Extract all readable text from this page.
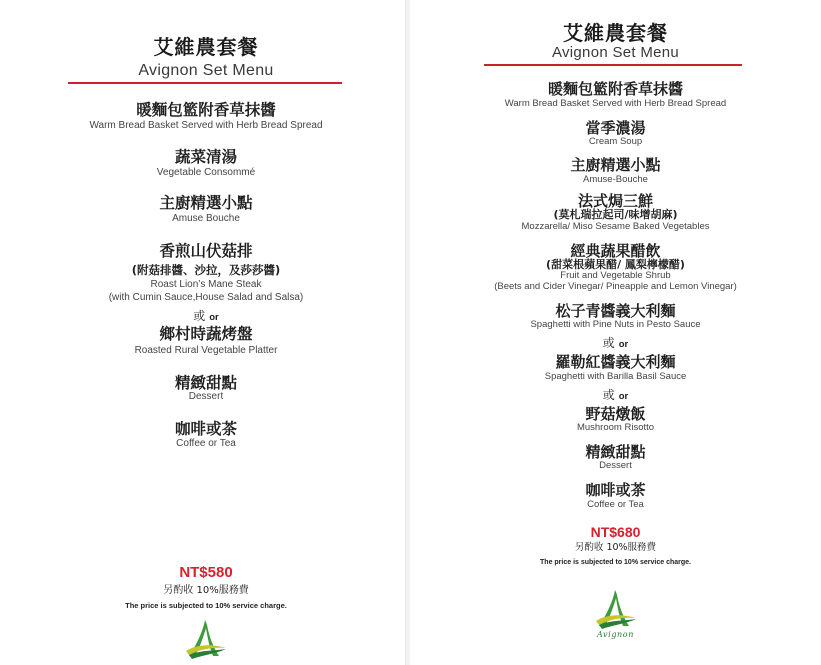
艾維農套餐
Avignon Set Menu
暖麵包籃附香草抹醬
Warm Bread Basket Served with Herb Bread Spread
蔬菜清湯
Vegetable Consommé
主廚精選小點
Amuse Bouche
香煎山伏菇排
(附菇排醬、沙拉，及莎莎醬)
Roast Lion’s Mane Steak
(with Cumin Sauce,House Salad and Salsa)
或 or
鄉村時蔬烤盤
Roasted Rural Vegetable Platter
精緻甜點
Dessert
咖啡或茶
Coffee or Tea
NT$580
另酌收 10%服務費
The price is subjected to 10% service charge.
艾維農套餐
Avignon Set Menu
暖麵包籃附香草抹醬
Warm Bread Basket Served with Herb Bread Spread
當季濃湯
Cream Soup
主廚精選小點
Amuse-Bouche
法式焗三鮮
(莫札瑞拉起司/味增胡麻)
Mozzarella/ Miso Sesame Baked Vegetables
經典蔬果醋飲
(甜菜根蘋果醋/ 鳳梨檸檬醋)
Fruit and Vegetable Shrub
(Beets and Cider Vinegar/ Pineapple and Lemon Vinegar)
松子青醬義大利麵
Spaghetti with Pine Nuts in Pesto Sauce
或 or
羅勒紅醬義大利麵
Spaghetti with Barilla Basil Sauce
或 or
野菇燉飯
Mushroom Risotto
精緻甜點
Dessert
咖啡或茶
Coffee or Tea
NT$680
另酌收 10%服務費
The price is subjected to 10% service charge.
Avignon
